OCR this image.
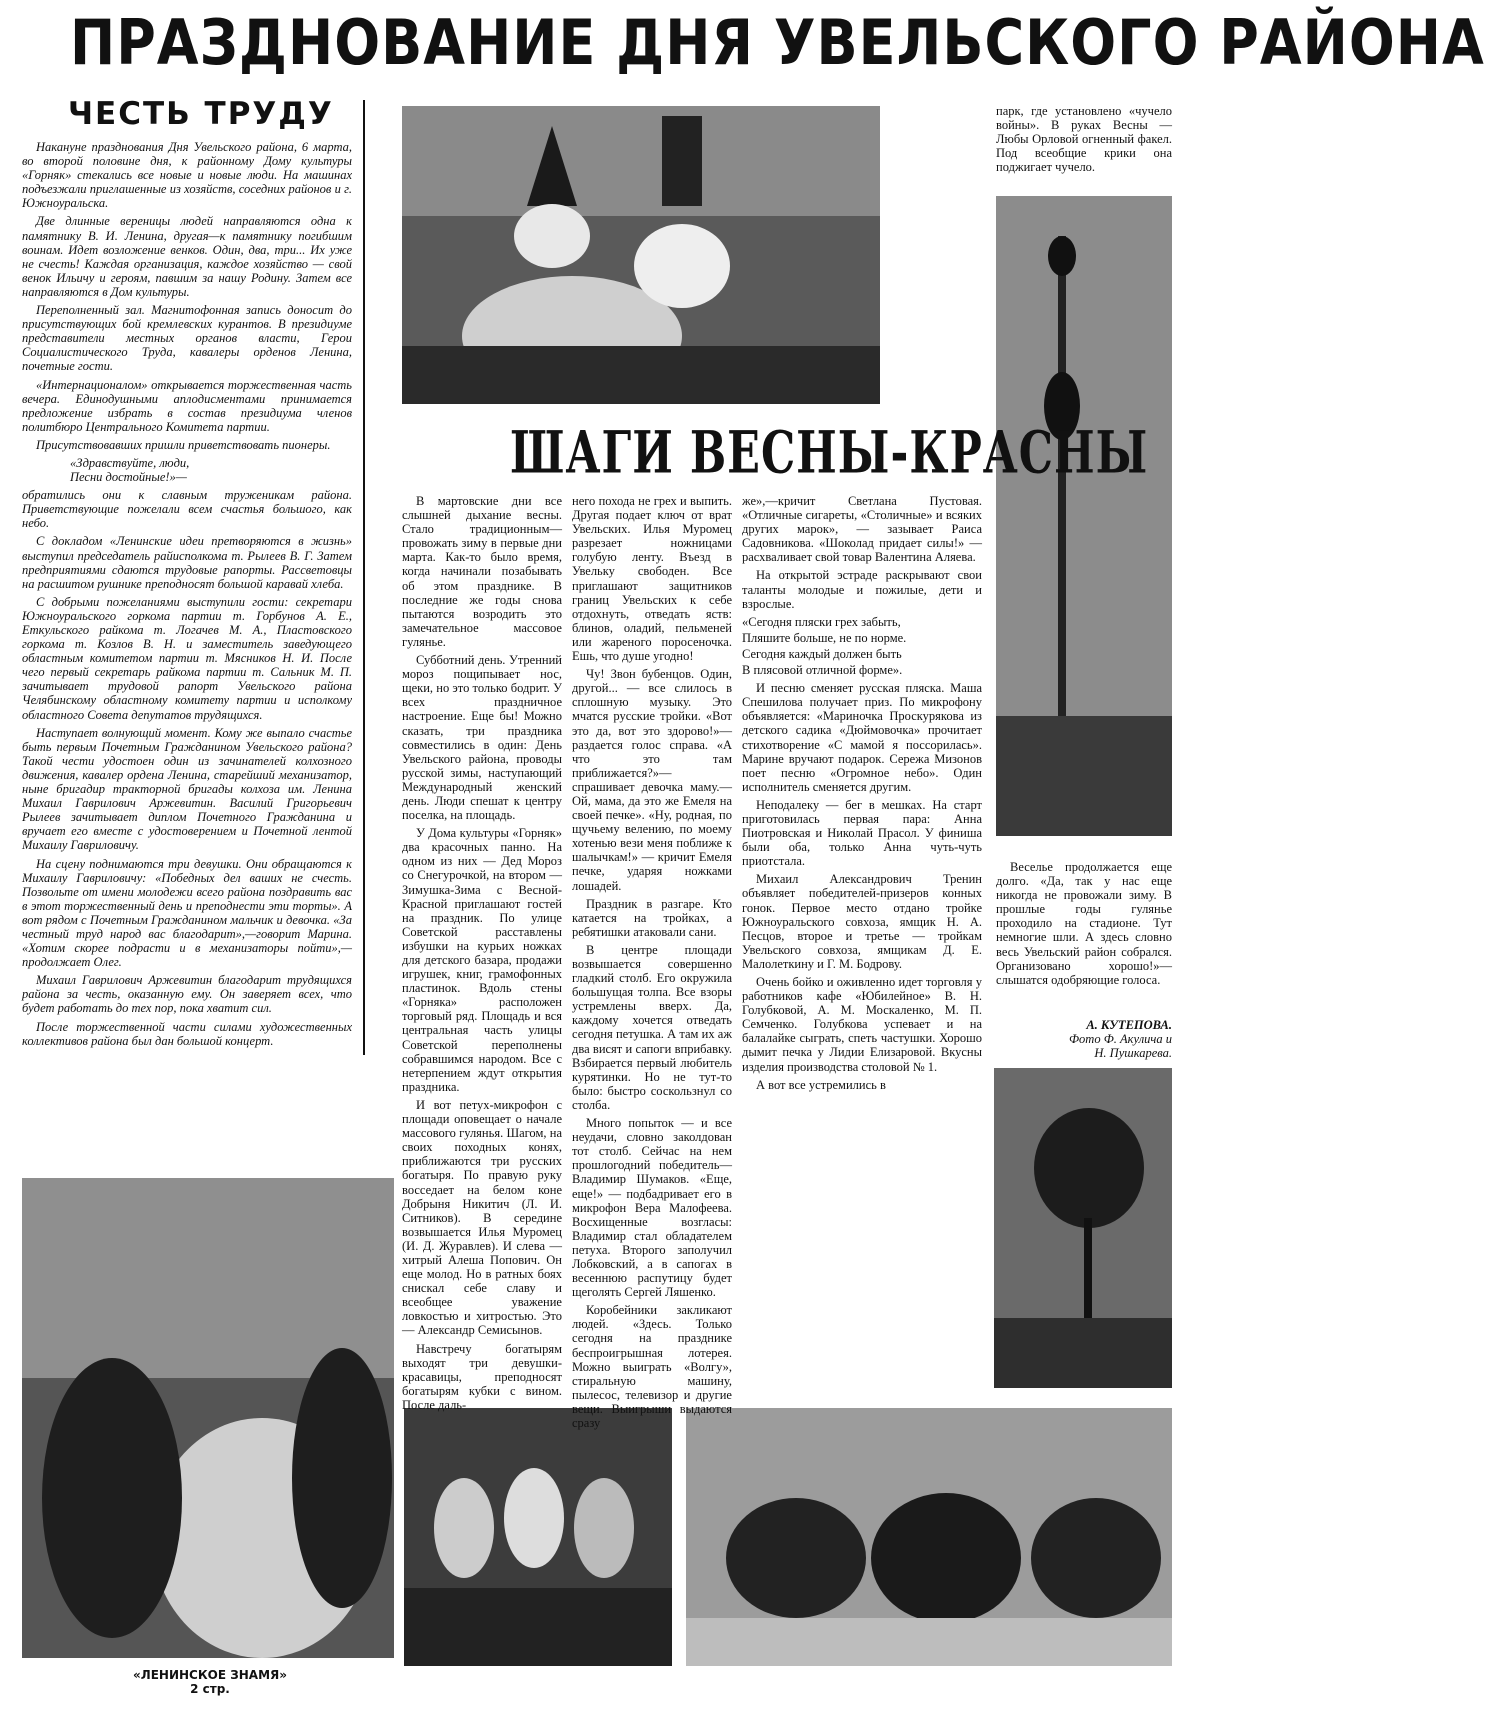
ПРАЗДНОВАНИЕ ДНЯ УВЕЛЬСКОГО РАЙОНА
ЧЕСТЬ ТРУДУ

Накануне празднования Дня Увельского района, 6 марта, во второй половине дня, к районному Дому культуры «Горняк» стекались все новые и новые люди. На машинах подъезжали приглашенные из хозяйств, соседних районов и г. Южноуральска.

Две длинные вереницы людей направляются одна к памятнику В. И. Ленина, другая—к памятнику погибшим воинам. Идет возложение венков. Один, два, три... Их уже не счесть! Каждая организация, каждое хозяйство — свой венок Ильичу и героям, павшим за нашу Родину. Затем все направляются в Дом культуры.

Переполненный зал. Магнитофонная запись доносит до присутствующих бой кремлевских курантов. В президиуме представители местных органов власти, Герои Социалистического Труда, кавалеры орденов Ленина, почетные гости.

«Интернационалом» открывается торжественная часть вечера. Единодушными аплодисментами принимается предложение избрать в состав президиума членов политбюро Центрального Комитета партии.

Присутствовавших пришли приветствовать пионеры.

«Здравствуйте, люди,

Песни достойные!»—

обратились они к славным труженикам района. Приветствующие пожелали всем счастья большого, как небо.

С докладом «Ленинские идеи претворяются в жизнь» выступил председатель райисполкома т. Рылеев В. Г. Затем предприятиями сдаются трудовые рапорты. Рассветовцы на расшитом рушнике преподносят большой каравай хлеба.

С добрыми пожеланиями выступили гости: секретари Южноуральского горкома партии т. Горбунов А. Е., Еткульского райкома т. Логачев М. А., Пластовского горкома т. Козлов В. Н. и заместитель заведующего областным комитетом партии т. Мясников Н. И. После чего первый секретарь райкома партии т. Сальник М. П. зачитывает трудовой рапорт Увельского района Челябинскому областному комитету партии и исполкому областного Совета депутатов трудящихся.

Наступает волнующий момент. Кому же выпало счастье быть первым Почетным Гражданином Увельского района? Такой чести удостоен один из зачинателей колхозного движения, кавалер ордена Ленина, старейший механизатор, ныне бригадир тракторной бригады колхоза им. Ленина Михаил Гаврилович Аржевитин. Василий Григорьевич Рылеев зачитывает диплом Почетного Гражданина и вручает его вместе с удостоверением и Почетной лентой Михаилу Гавриловичу.

На сцену поднимаются три девушки. Они обращаются к Михаилу Гавриловичу: «Победных дел ваших не счесть. Позвольте от имени молодежи всего района поздравить вас в этот торжественный день и преподнести эти торты». А вот рядом с Почетным Гражданином мальчик и девочка. «За честный труд народ вас благодарит»,—говорит Марина. «Хотим скорее подрасти и в механизаторы пойти»,—продолжает Олег.

Михаил Гаврилович Аржевитин благодарит трудящихся района за честь, оказанную ему. Он заверяет всех, что будет работать до тех пор, пока хватит сил.

После торжественной части силами художественных коллективов района был дан большой концерт.

ШАГИ ВЕСНЫ-КРАСНЫ

В мартовские дни все слышней дыхание весны. Стало традиционным—провожать зиму в первые дни марта. Как-то было время, когда начинали позабывать об этом празднике. В последние же годы снова пытаются возродить это замечательное массовое гулянье.

Субботний день. Утренний мороз пощипывает нос, щеки, но это только бодрит. У всех праздничное настроение. Еще бы! Можно сказать, три праздника совместились в один: День Увельского района, проводы русской зимы, наступающий Международный женский день. Люди спешат к центру поселка, на площадь.

У Дома культуры «Горняк» два красочных панно. На одном из них — Дед Мороз со Снегурочкой, на втором — Зимушка-Зима с Весной-Красной приглашают гостей на праздник. По улице Советской расставлены избушки на курьих ножках для детского базара, продажи игрушек, книг, грамофонных пластинок. Вдоль стены «Горняка» расположен торговый ряд. Площадь и вся центральная часть улицы Советской переполнены собравшимся народом. Все с нетерпением ждут открытия праздника.

И вот петух-микрофон с площади оповещает о начале массового гулянья. Шагом, на своих походных конях, приближаются три русских богатыря. По правую руку восседает на белом коне Добрыня Никитич (Л. И. Ситников). В середине возвышается Илья Муромец (И. Д. Журавлев). И слева — хитрый Алеша Попович. Он еще молод. Но в ратных боях снискал себе славу и всеобщее уважение ловкостью и хитростью. Это — Александр Семисынов.

Навстречу богатырям выходят три девушки-красавицы, преподносят богатырям кубки с вином. После даль-

него похода не грех и выпить. Другая подает ключ от врат Увельских. Илья Муромец разрезает ножницами голубую ленту. Въезд в Увельку свободен. Все приглашают защитников границ Увельских к себе отдохнуть, отведать яств: блинов, оладий, пельменей или жареного поросеночка. Ешь, что душе угодно!

Чу! Звон бубенцов. Один, другой... — все слилось в сплошную музыку. Это мчатся русские тройки. «Вот это да, вот это здорово!»— раздается голос справа. «А что это там приближается?»—спрашивает девочка маму.—Ой, мама, да это же Емеля на своей печке». «Ну, родная, по щучьему велению, по моему хотенью вези меня поближе к шалычкам!» — кричит Емеля печке, ударяя ножками лошадей.

Праздник в разгаре. Кто катается на тройках, а ребятишки атаковали сани.

В центре площади возвышается совершенно гладкий столб. Его окружила большущая толпа. Все взоры устремлены вверх. Да, каждому хочется отведать сегодня петушка. А там их аж два висят и сапоги вприбавку. Взбирается первый любитель курятинки. Но не тут-то было: быстро соскользнул со столба.

Много попыток — и все неудачи, словно заколдован тот столб. Сейчас на нем прошлогодний победитель— Владимир Шумаков. «Еще, еще!» — подбадривает его в микрофон Вера Малофеева. Восхищенные возгласы: Владимир стал обладателем петуха. Второго заполучил Лобковский, а в сапогах в весеннюю распутицу будет щеголять Сергей Ляшенко.

Коробейники закликают людей. «Здесь. Только сегодня на празднике беспроигрышная лотерея. Можно выиграть «Волгу», стиральную машину, пылесос, телевизор и другие вещи. Выигрыши выдаются сразу

же»,—кричит Светлана Пустовая. «Отличные сигареты, «Столичные» и всяких других марок», — зазывает Раиса Садовникова. «Шоколад придает силы!» — расхваливает свой товар Валентина Аляева.

На открытой эстраде раскрывают свои таланты молодые и пожилые, дети и взрослые.

«Сегодня пляски грех забыть,

Пляшите больше, не по норме.

Сегодня каждый должен быть

В плясовой отличной форме».

И песню сменяет русская пляска. Маша Спешилова получает приз. По микрофону объявляется: «Мариночка Проскурякова из детского садика «Дюймовочка» прочитает стихотворение «С мамой я поссорилась». Марине вручают подарок. Сережа Мизонов поет песню «Огромное небо». Один исполнитель сменяется другим.

Неподалеку — бег в мешках. На старт приготовилась первая пара: Анна Пиотровская и Николай Прасол. У финиша были оба, только Анна чуть-чуть приотстала.

Михаил Александрович Тренин объявляет победителей-призеров конных гонок. Первое место отдано тройке Южноуральского совхоза, ямщик Н. А. Песцов, второе и третье — тройкам Увельского совхоза, ямщикам Д. Е. Малолеткину и Г. М. Бодрову.

Очень бойко и оживленно идет торговля у работников кафе «Юбилейное» В. Н. Голубковой, А. М. Москаленко, М. П. Семченко. Голубкова успевает и на балалайке сыграть, спеть частушки. Хорошо дымит печка у Лидии Елизаровой. Вкусны изделия производства столовой № 1.

А вот все устремились в

парк, где установлено «чучело войны». В руках Весны — Любы Орловой огненный факел. Под всеобщие крики она поджигает чучело.

Веселье продолжается еще долго. «Да, так у нас еще никогда не провожали зиму. В прошлые годы гулянье проходило на стадионе. Тут немногие шли. А здесь словно весь Увельский район собрался. Организовано хорошо!»—слышатся одобряющие голоса.

А. КУТЕПОВА.
Фото Ф. Акулича и
Н. Пушкарева.
«ЛЕНИНСКОЕ ЗНАМЯ»
2 стр.
